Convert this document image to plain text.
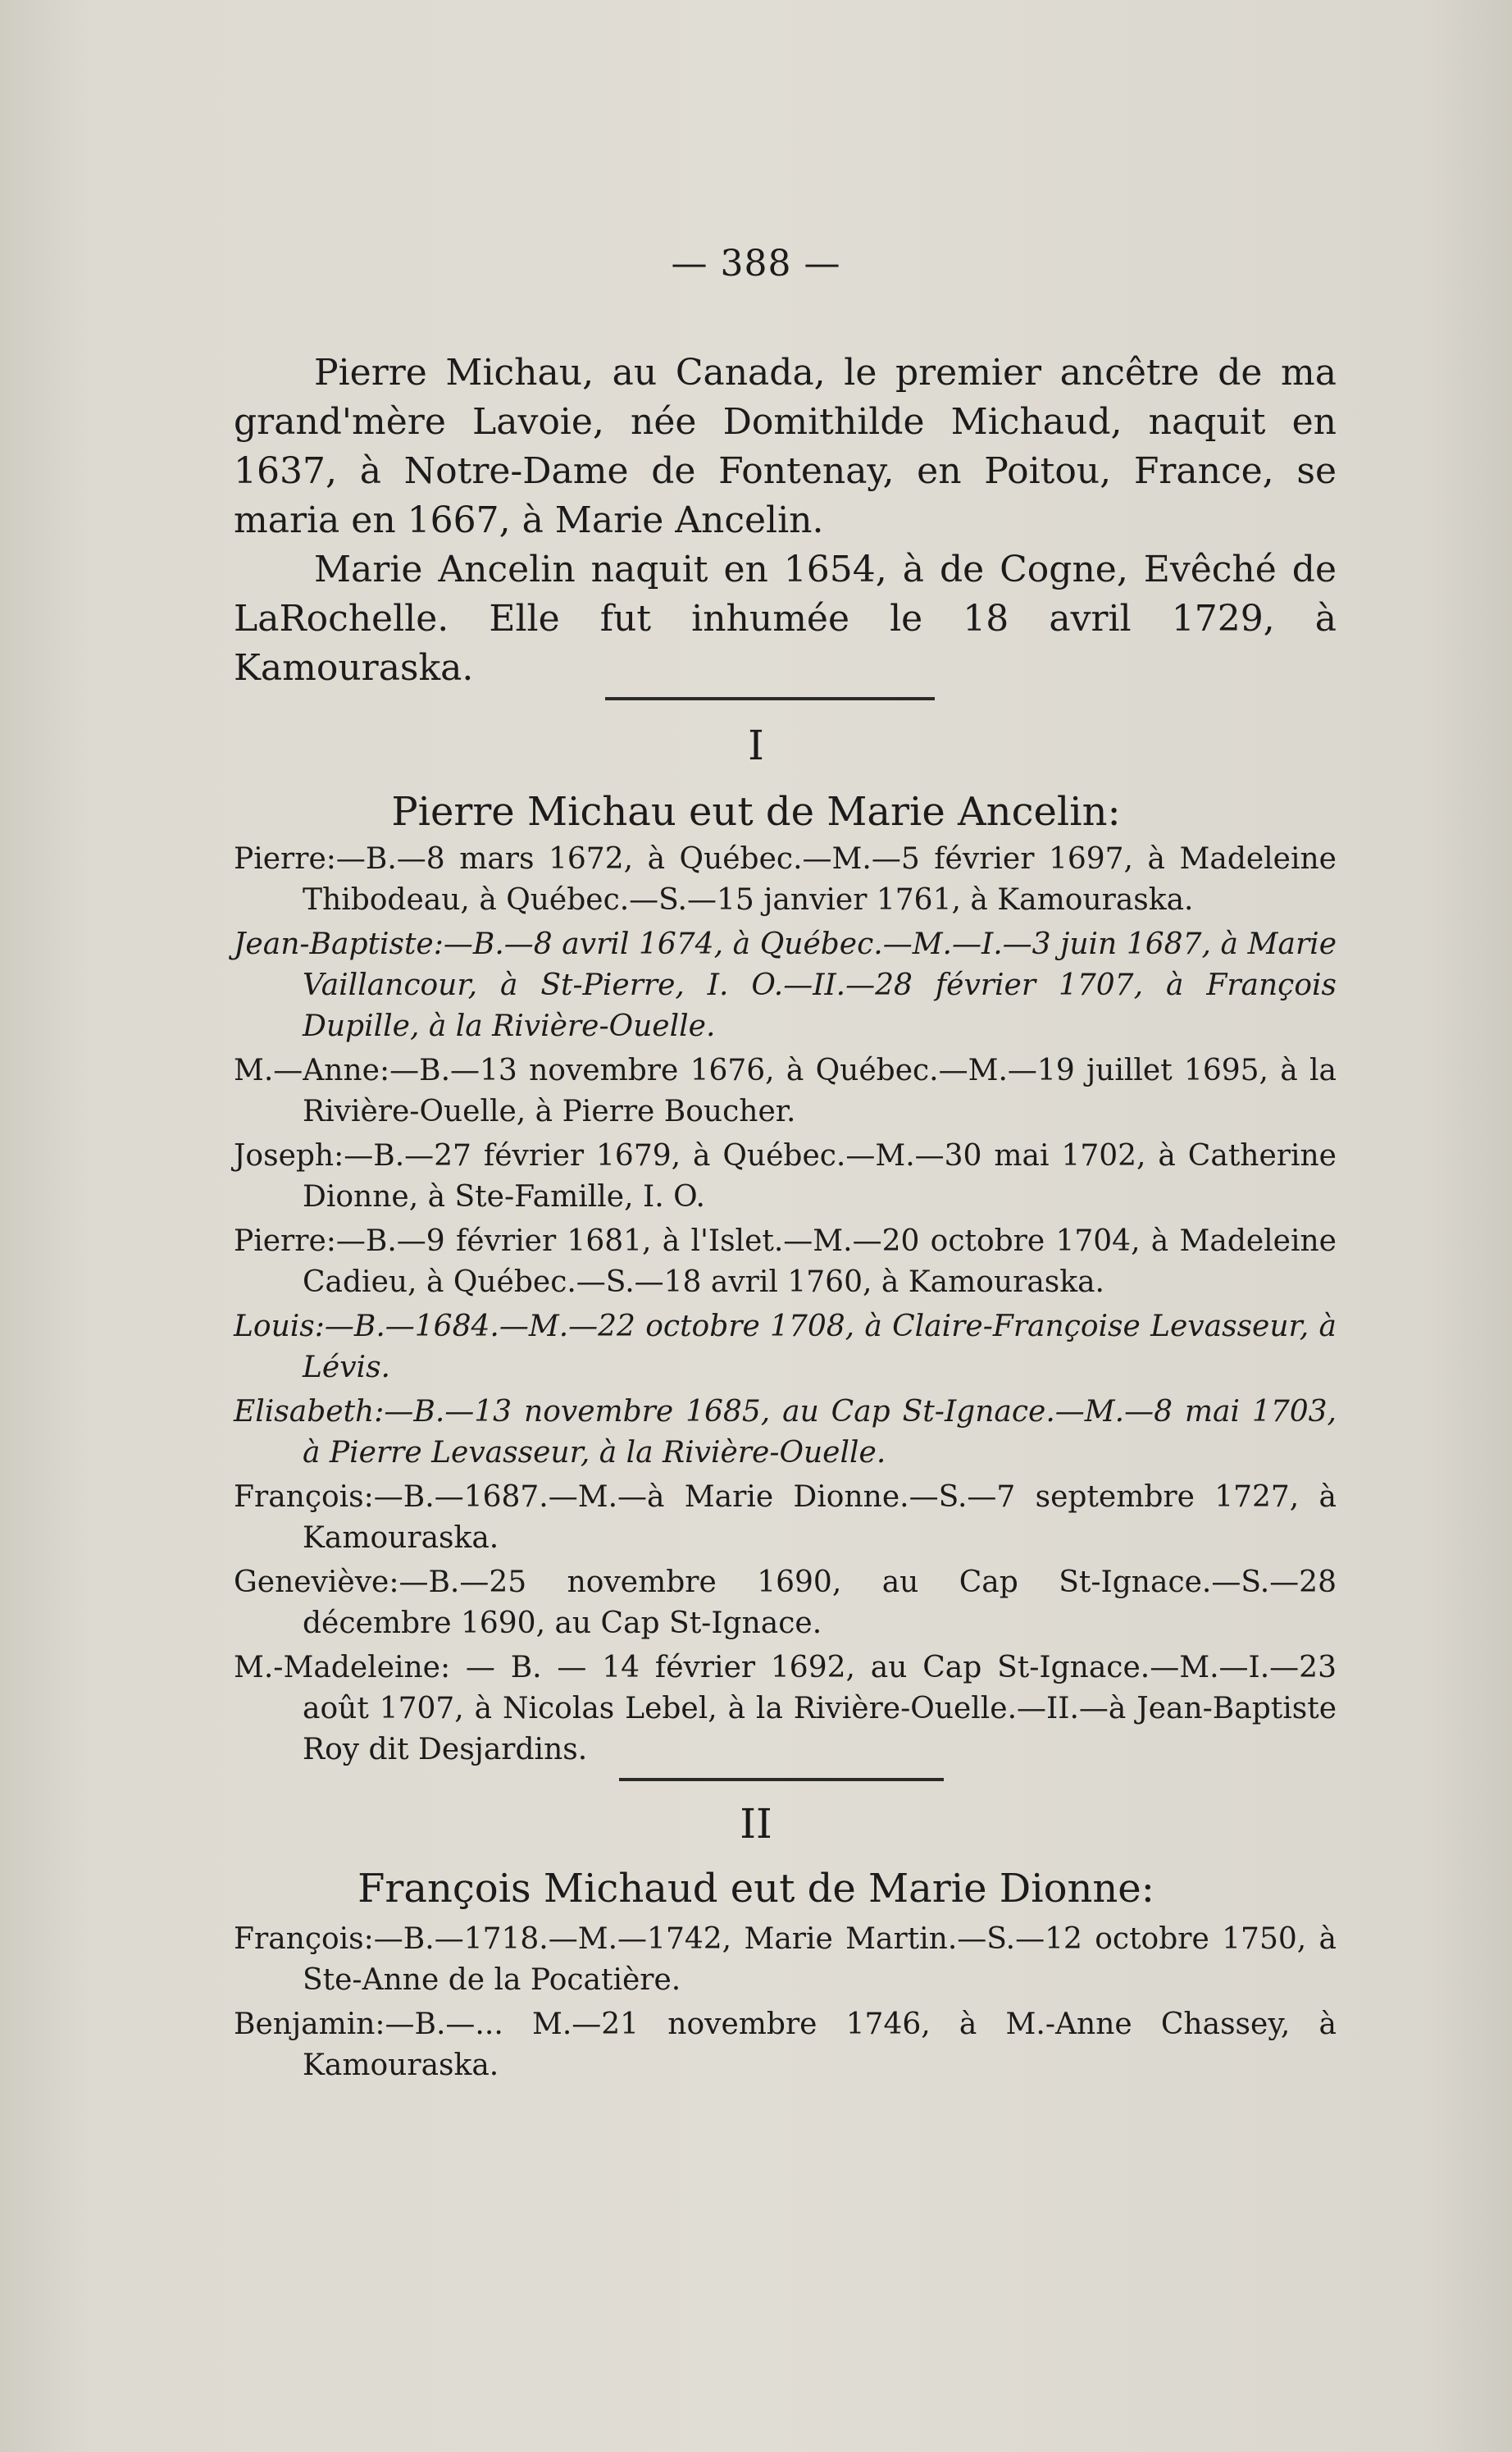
— 388 —

Pierre Michau, au Canada, le premier ancêtre de ma grand'mère Lavoie, née Domithilde Michaud, naquit en 1637, à Notre-Dame de Fontenay, en Poitou, France, se maria en 1667, à Marie Ancelin.

Marie Ancelin naquit en 1654, à de Cogne, Evêché de LaRochelle. Elle fut inhumée le 18 avril 1729, à Kamouraska.

I
Pierre Michau eut de Marie Ancelin:

Pierre:—B.—8 mars 1672, à Québec.—M.—5 février 1697, à Madeleine Thibodeau, à Québec.—S.—15 janvier 1761, à Kamouraska.

Jean-Baptiste:—B.—8 avril 1674, à Québec.—M.—I.—3 juin 1687, à Marie Vaillancour, à St-Pierre, I. O.—II.—28 février 1707, à François Dupille, à la Rivière-Ouelle.

M.—Anne:—B.—13 novembre 1676, à Québec.—M.—19 juillet 1695, à la Rivière-Ouelle, à Pierre Boucher.

Joseph:—B.—27 février 1679, à Québec.—M.—30 mai 1702, à Catherine Dionne, à Ste-Famille, I. O.

Pierre:—B.—9 février 1681, à l'Islet.—M.—20 octobre 1704, à Madeleine Cadieu, à Québec.—S.—18 avril 1760, à Kamouraska.

Louis:—B.—1684.—M.—22 octobre 1708, à Claire-Françoise Levasseur, à Lévis.

Elisabeth:—B.—13 novembre 1685, au Cap St-Ignace.—M.—8 mai 1703, à Pierre Levasseur, à la Rivière-Ouelle.

François:—B.—1687.—M.—à Marie Dionne.—S.—7 septembre 1727, à Kamouraska.

Geneviève:—B.—25 novembre 1690, au Cap St-Ignace.—S.—28 décembre 1690, au Cap St-Ignace.

M.-Madeleine: — B. — 14 février 1692, au Cap St-Ignace.—M.—I.—23 août 1707, à Nicolas Lebel, à la Rivière-Ouelle.—II.—à Jean-Baptiste Roy dit Desjardins.

II
François Michaud eut de Marie Dionne:

François:—B.—1718.—M.—1742, Marie Martin.—S.—12 octobre 1750, à Ste-Anne de la Pocatière.

Benjamin:—B.—... M.—21 novembre 1746, à M.-Anne Chassey, à Kamouraska.
